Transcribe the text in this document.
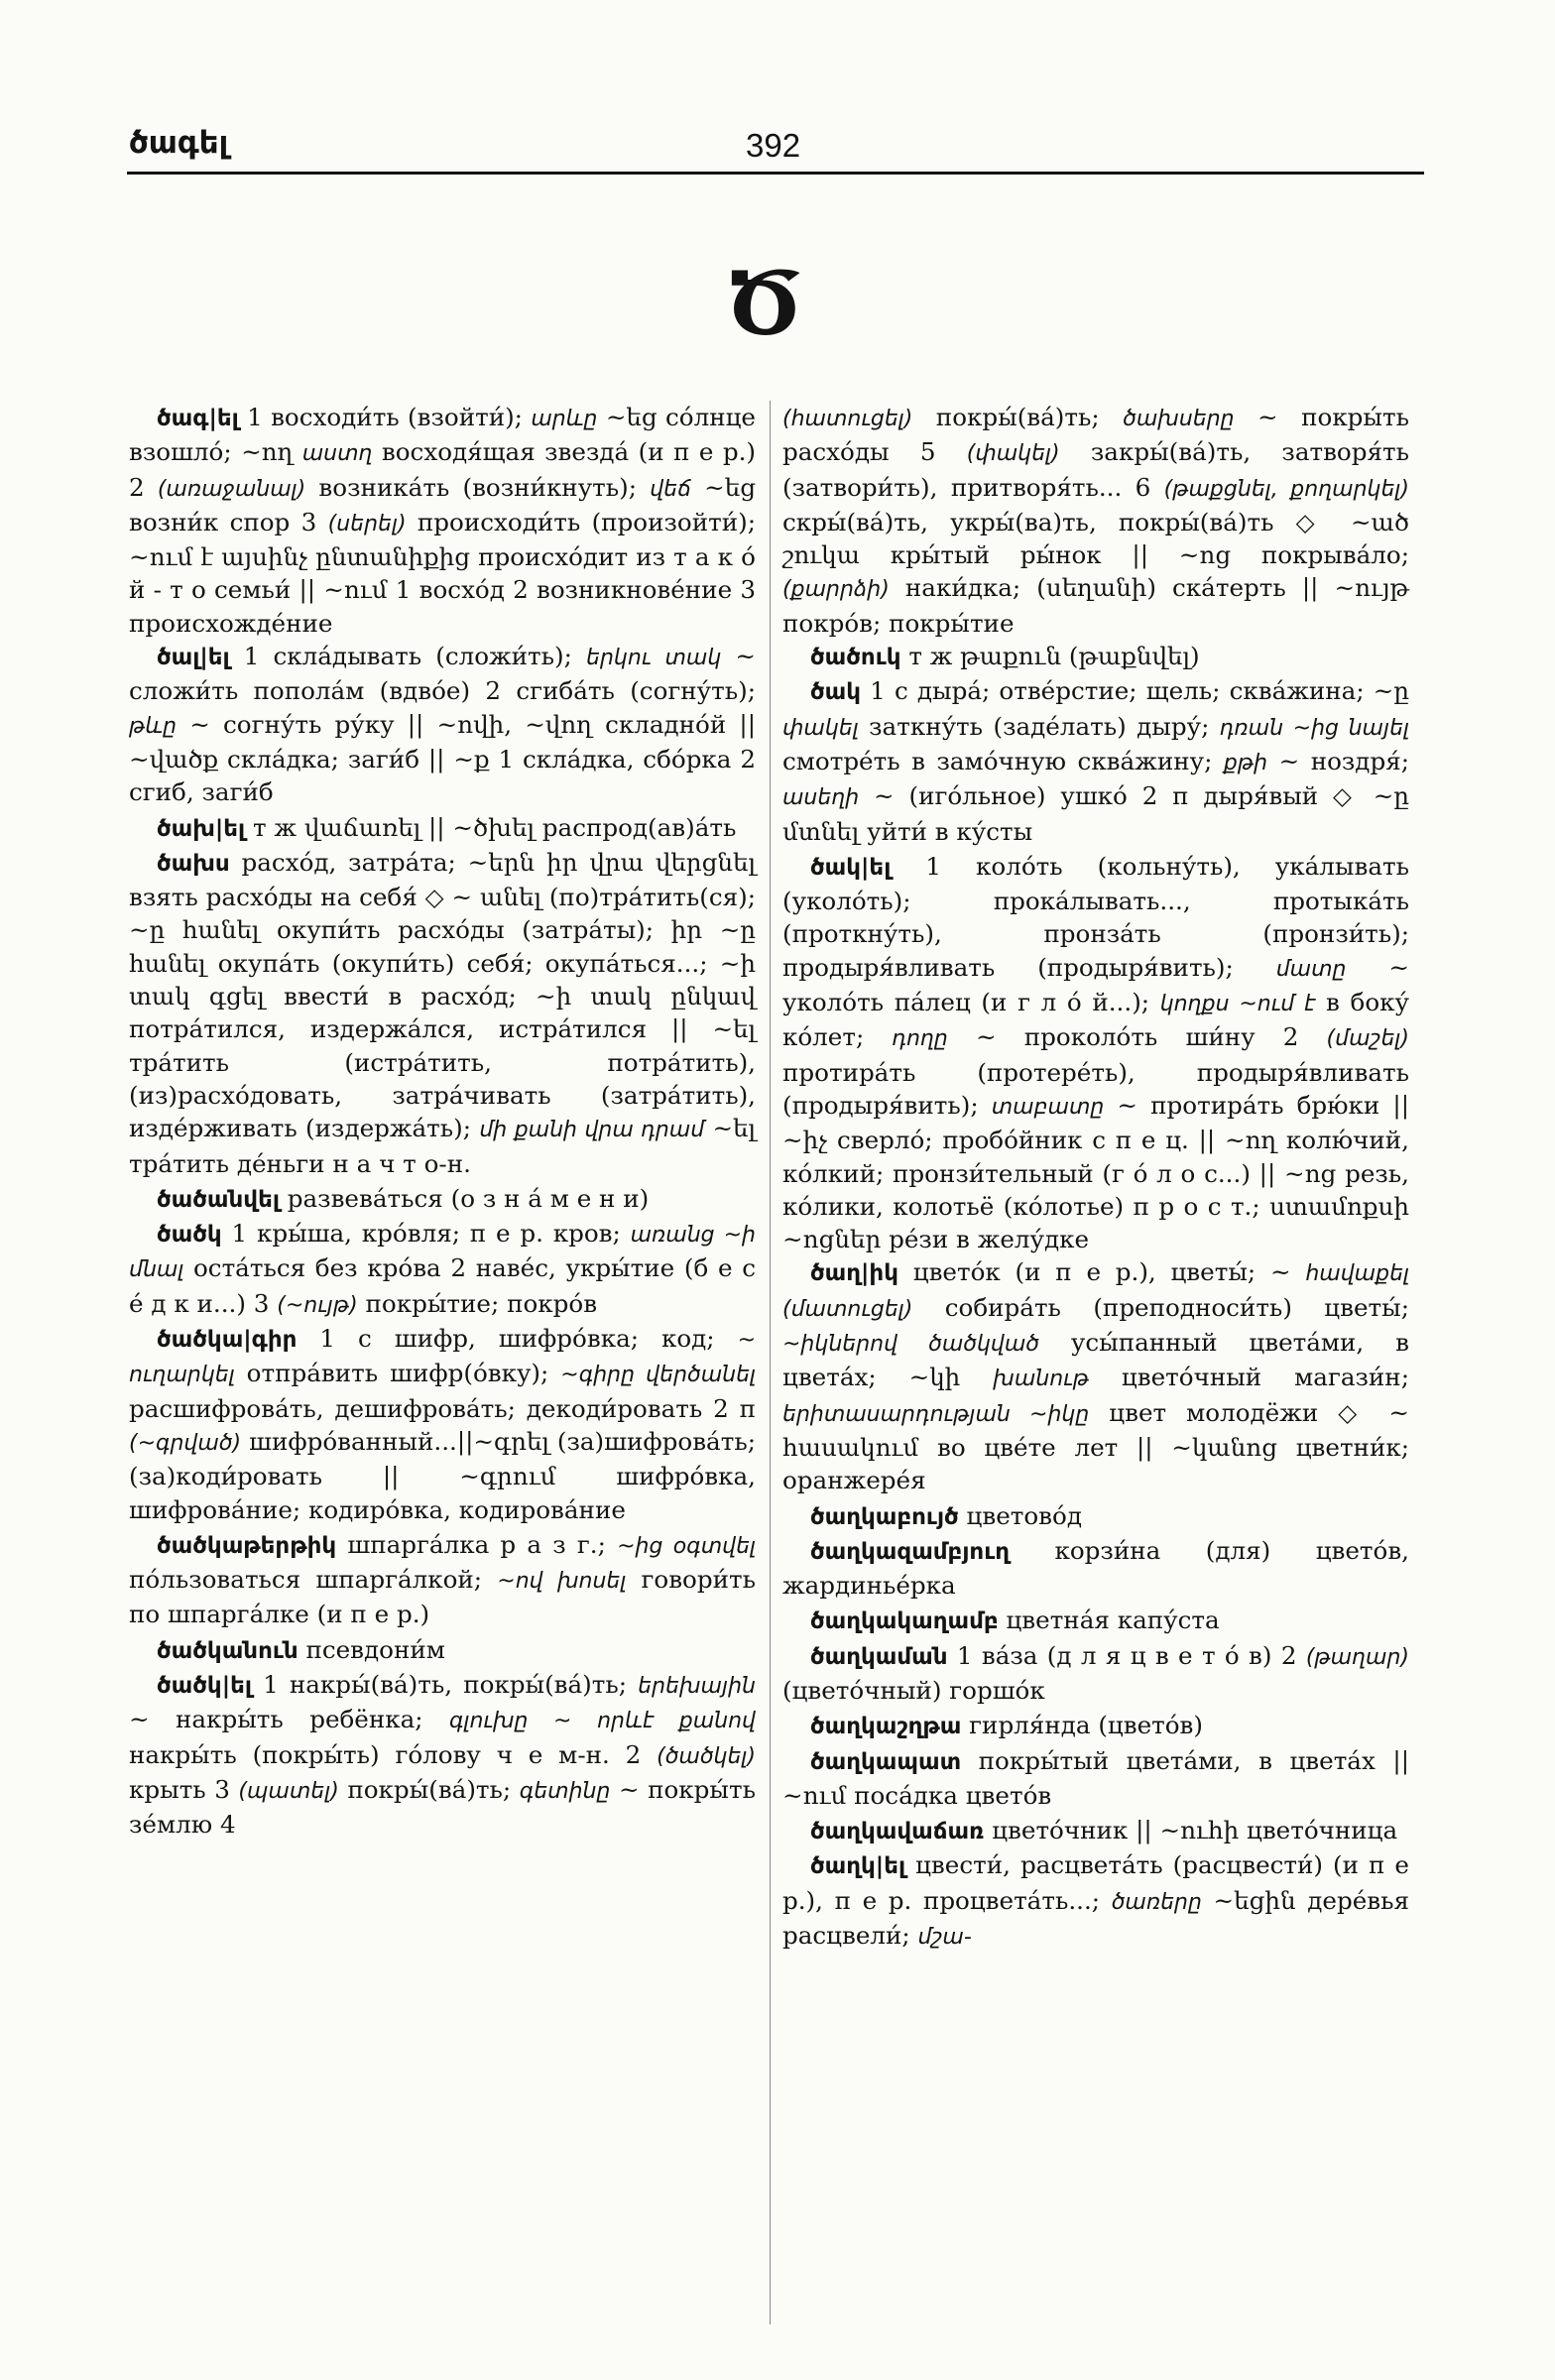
ծագել	392
Ծ

ծագ|ել 1 восходи́ть (взойти́); արևը ~եց со́лнце взошло́; ~ող աստղ восходя́щая звезда́ (и п е р.) 2 (առաջանալ) возника́ть (возни́кнуть); վեճ ~եց возни́к спор 3 (սերել) происходи́ть (произойти́); ~ում է այսինչ ընտանիքից происхо́дит из т а к о́ й - т о семьи́ || ~ում 1 восхо́д 2 возникнове́ние 3 происхожде́ние

ծալ|ել 1 скла́дывать (сложи́ть); երկու տակ ~ сложи́ть попола́м (вдво́е) 2 сгиба́ть (согну́ть); թևը ~ согну́ть ру́ку || ~ովի, ~վող складно́й || ~վածք скла́дка; заги́б || ~ք 1 скла́дка, сбо́рка 2 сгиб, заги́б

ծախ|ել т ж վաճառել || ~ծխել распрод(ав)а́ть

ծախս расхо́д, затра́та; ~երն իր վրա վերցնել взять расхо́ды на себя́ ◇ ~ անել (по)тра́тить(ся); ~ը հանել окупи́ть расхо́ды (затра́ты); իր ~ը հանել окупа́ть (окупи́ть) себя́; окупа́ться...; ~ի տակ գցել ввести́ в расхо́д; ~ի տակ ընկավ потра́тился, издержа́лся, истра́тился || ~ել тра́тить (истра́тить, потра́тить), (из)расхо́довать, затра́чивать (затра́тить), изде́рживать (издержа́ть); մի քանի վրա դրամ ~ել тра́тить де́ньги н а ч т о-н.

ծածանվել развева́ться (о з н а́ м е н и)

ծածկ 1 кры́ша, кро́вля; п е р. кров; առանց ~ի մնալ оста́ться без кро́ва 2 наве́с, укры́тие (б е с е́ д к и...) 3 (~ույթ) покры́тие; покро́в

ծածկա|գիր 1 с шифр, шифро́вка; код; ~ ուղարկել отпра́вить шифр(о́вку); ~գիրը վերծանել расшифрова́ть, дешифрова́ть; декоди́ровать 2 п (~գրված) шифро́ванный...||~գրել (за)шифрова́ть; (за)коди́ровать || ~գրում шифро́вка, шифрова́ние; кодиро́вка, кодирова́ние

ծածկաթերթիկ шпарга́лка р а з г.; ~ից օգտվել по́льзоваться шпарга́лкой; ~ով խոսել говори́ть по шпарга́лке (и п е р.)

ծածկանուն псевдони́м

ծածկ|ել 1 накры́(ва́)ть, покры́(ва́)ть; երեխային ~ накры́ть ребёнка; գլուխը ~ որևէ քանով накры́ть (покры́ть) го́лову ч е м-н. 2 (ծածկել) крыть 3 (պատել) покры́(ва́)ть; գետինը ~ покры́ть зе́млю 4

(հատուցել) покры́(ва́)ть; ծախսերը ~ покры́ть расхо́ды 5 (փակել) закры́(ва́)ть, затворя́ть (затвори́ть), притворя́ть... 6 (թաքցնել, քողարկել) скры́(ва́)ть, укры́(ва)ть, покры́(ва́)ть ◇ ~ած շուկա кры́тый ры́нок || ~ոց покрыва́ло; (քարրձի) наки́дка; (սեղանի) ска́терть || ~ույթ покро́в; покры́тие

ծածուկ т ж թաքուն (թաքնվել)

ծակ 1 с дыра́; отве́рстие; щель; сква́жина; ~ը փակել заткну́ть (заде́лать) дыру́; դռան ~ից նայել смотре́ть в замо́чную сква́жину; քթի ~ ноздря́; ասեղի ~ (иго́льное) ушко́ 2 п дыря́вый ◇ ~ը մտնել уйти́ в ку́сты

ծակ|ել 1 коло́ть (кольну́ть), ука́лывать (уколо́ть); прока́лывать..., протыка́ть (проткну́ть), пронза́ть (пронзи́ть); продыря́вливать (продыря́вить); մատը ~ уколо́ть па́лец (и г л о́ й...); կողքս ~ում է в боку́ ко́лет; դողը ~ проколо́ть ши́ну 2 (մաշել) протира́ть (протере́ть), продыря́вливать (продыря́вить); տաբատը ~ протира́ть брю́ки || ~իչ сверло́; пробо́йник с п е ц. || ~ող колю́чий, ко́лкий; пронзи́тельный (г о́ л о с...) || ~ոց резь, ко́лики, колотьё (ко́лотье) п р о с т.; ստամոքսի ~ոցներ ре́зи в желу́дке

ծաղ|իկ цвето́к (и п е р.), цветы́; ~ հավաքել (մատուցել) собира́ть (преподноси́ть) цветы́; ~իկներով ծածկված усы́панный цвета́ми, в цвета́х; ~կի խանութ цвето́чный магази́н; երիտասարդության ~իկը цвет молодёжи ◇ ~ հասակում во цве́те лет || ~կանոց цветни́к; оранжере́я

ծաղկաբույծ цветово́д

ծաղկազամբյուղ корзи́на (для) цвето́в, жардинье́рка

ծաղկակաղամբ цветна́я капу́ста

ծաղկաման 1 ва́за (д л я ц в е т о́ в) 2 (թաղար) (цвето́чный) горшо́к

ծաղկաշղթա гирля́нда (цвето́в)

ծաղկապատ покры́тый цвета́ми, в цвета́х || ~ում поса́дка цвето́в

ծաղկավաճառ цвето́чник || ~ուհի цвето́чница

ծաղկ|ել цвести́, расцвета́ть (расцвести́) (и п е р.), п е р. процвета́ть...; ծառերը ~եցին дере́вья расцвели́; մշա-
